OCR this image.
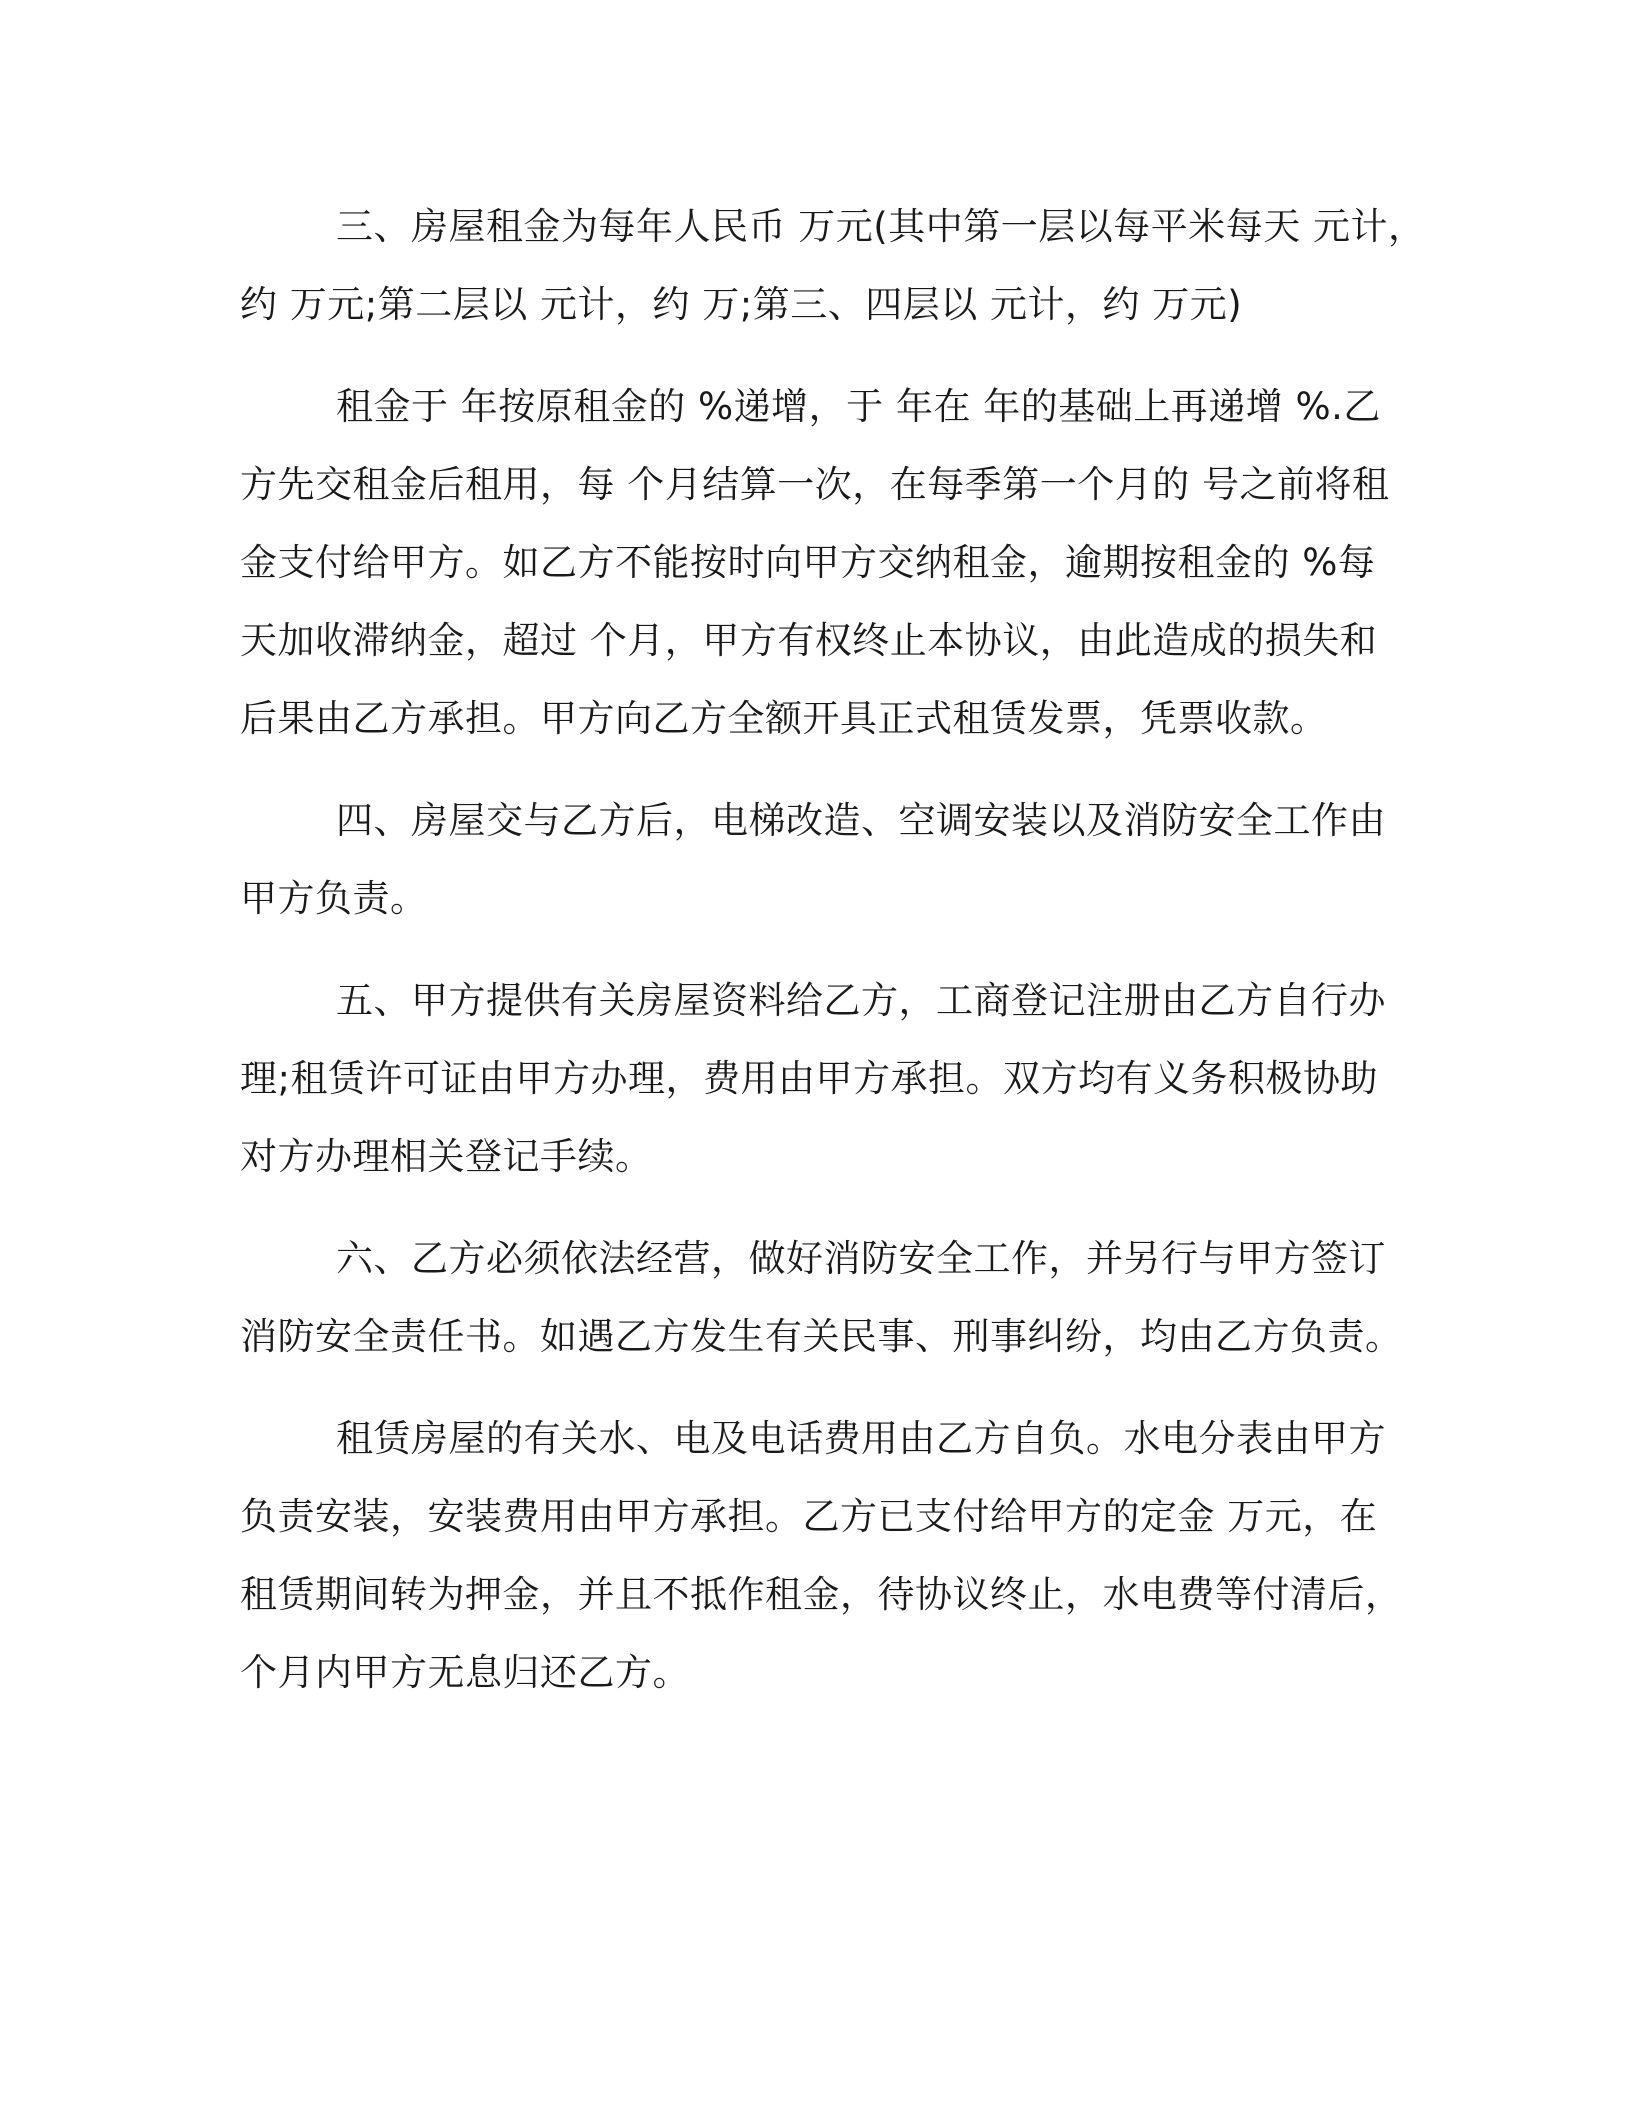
三、房屋租金为每年人民币 万元(其中第一层以每平米每天 元计，
约 万元;第二层以 元计，约 万;第三、四层以 元计，约 万元)
租金于 年按原租金的 %递增，于 年在 年的基础上再递增 %.乙
方先交租金后租用，每 个月结算一次，在每季第一个月的 号之前将租
金支付给甲方。如乙方不能按时向甲方交纳租金，逾期按租金的 %每
天加收滞纳金，超过 个月，甲方有权终止本协议，由此造成的损失和
后果由乙方承担。甲方向乙方全额开具正式租赁发票，凭票收款。
四、房屋交与乙方后，电梯改造、空调安装以及消防安全工作由
甲方负责。
五、甲方提供有关房屋资料给乙方，工商登记注册由乙方自行办
理;租赁许可证由甲方办理，费用由甲方承担。双方均有义务积极协助
对方办理相关登记手续。
六、乙方必须依法经营，做好消防安全工作，并另行与甲方签订
消防安全责任书。如遇乙方发生有关民事、刑事纠纷，均由乙方负责。
租赁房屋的有关水、电及电话费用由乙方自负。水电分表由甲方
负责安装，安装费用由甲方承担。乙方已支付给甲方的定金 万元，在
租赁期间转为押金，并且不抵作租金，待协议终止，水电费等付清后，
个月内甲方无息归还乙方。
